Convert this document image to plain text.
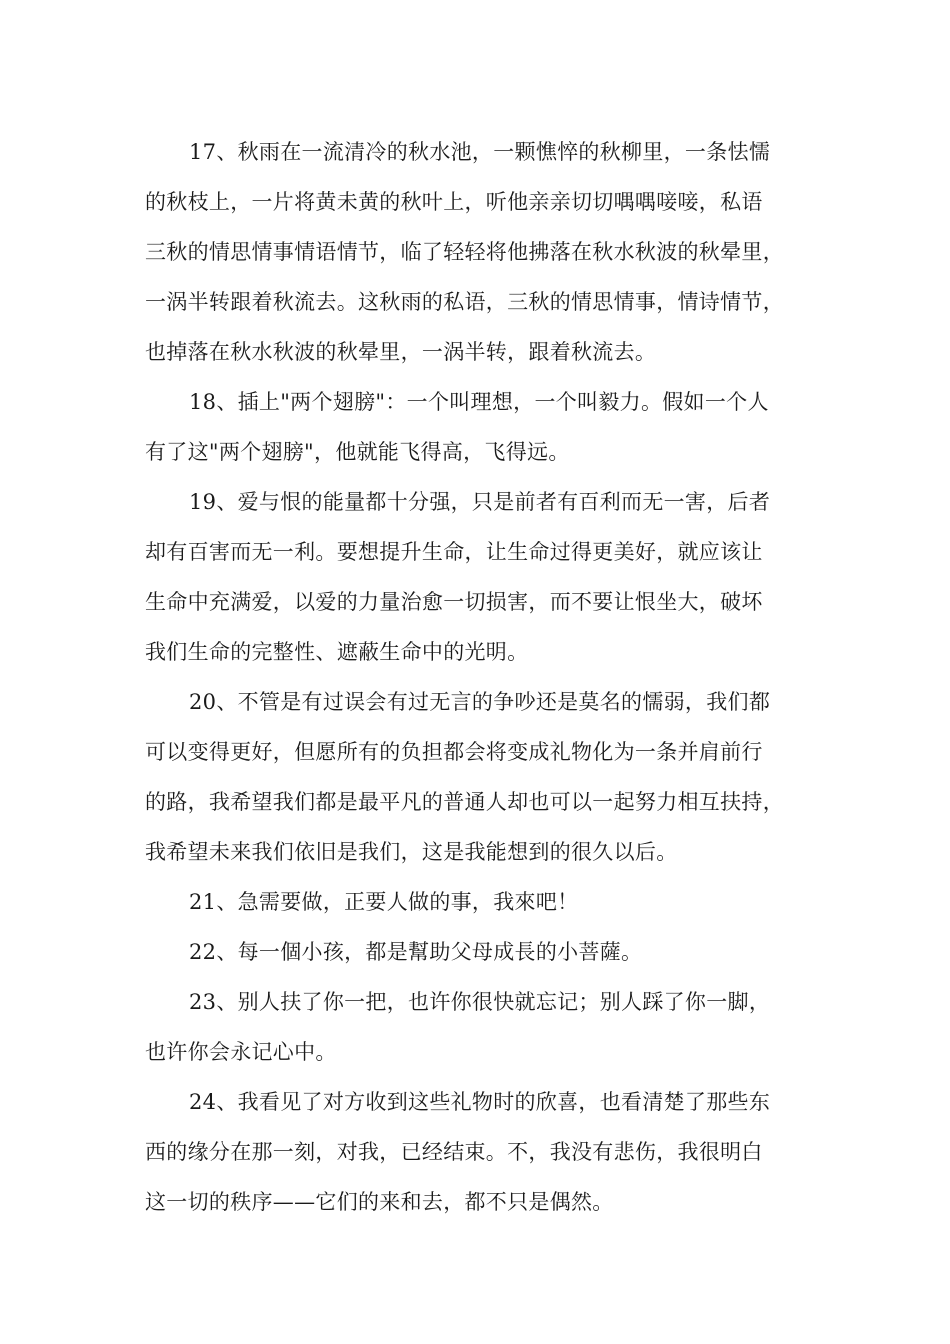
17、秋雨在一流清冷的秋水池，一颗憔悴的秋柳里，一条怯懦
的秋枝上，一片将黄未黄的秋叶上，听他亲亲切切喁喁唼唼，私语
三秋的情思情事情语情节，临了轻轻将他拂落在秋水秋波的秋晕里，
一涡半转跟着秋流去。这秋雨的私语，三秋的情思情事，情诗情节，
也掉落在秋水秋波的秋晕里，一涡半转，跟着秋流去。
18、插上"两个翅膀"：一个叫理想，一个叫毅力。假如一个人
有了这"两个翅膀"，他就能飞得高，飞得远。
19、爱与恨的能量都十分强，只是前者有百利而无一害，后者
却有百害而无一利。要想提升生命，让生命过得更美好，就应该让
生命中充满爱，以爱的力量治愈一切损害，而不要让恨坐大，破坏
我们生命的完整性、遮蔽生命中的光明。
20、不管是有过误会有过无言的争吵还是莫名的懦弱，我们都
可以变得更好，但愿所有的负担都会将变成礼物化为一条并肩前行
的路，我希望我们都是最平凡的普通人却也可以一起努力相互扶持，
我希望未来我们依旧是我们，这是我能想到的很久以后。
21、急需要做，正要人做的事，我來吧！
22、每一個小孩，都是幫助父母成長的小菩薩。
23、别人扶了你一把，也许你很快就忘记；别人踩了你一脚，
也许你会永记心中。
24、我看见了对方收到这些礼物时的欣喜，也看清楚了那些东
西的缘分在那一刻，对我，已经结束。不，我没有悲伤，我很明白
这一切的秩序——它们的来和去，都不只是偶然。
